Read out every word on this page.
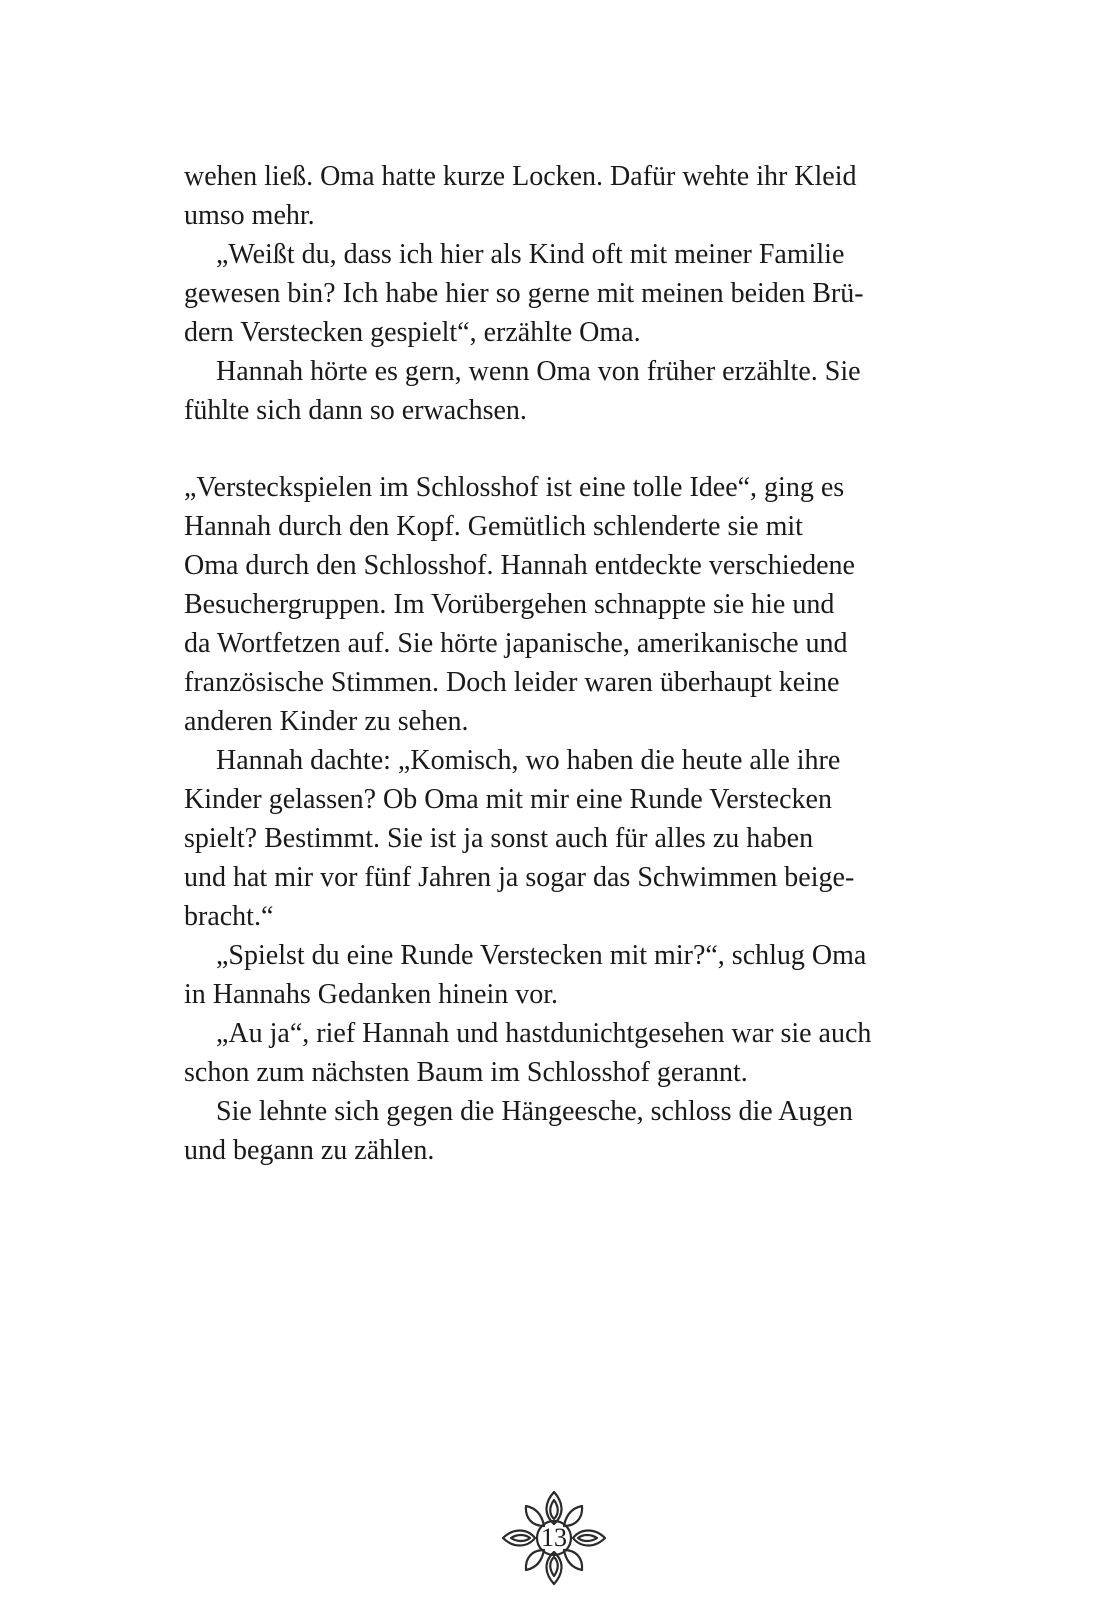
wehen ließ. Oma hatte kurze Locken. Dafür wehte ihr Kleid
umso mehr.
„Weißt du, dass ich hier als Kind oft mit meiner Familie
gewesen bin? Ich habe hier so gerne mit meinen beiden Brü-
dern Verstecken gespielt“, erzählte Oma.
Hannah hörte es gern, wenn Oma von früher erzählte. Sie
fühlte sich dann so erwachsen.
„Versteckspielen im Schlosshof ist eine tolle Idee“, ging es
Hannah durch den Kopf. Gemütlich schlenderte sie mit
Oma durch den Schlosshof. Hannah entdeckte verschiedene
Besuchergruppen. Im Vorübergehen schnappte sie hie und
da Wortfetzen auf. Sie hörte japanische, amerikanische und
französische Stimmen. Doch leider waren überhaupt keine
anderen Kinder zu sehen.
Hannah dachte: „Komisch, wo haben die heute alle ihre
Kinder gelassen? Ob Oma mit mir eine Runde Verstecken
spielt? Bestimmt. Sie ist ja sonst auch für alles zu haben
und hat mir vor fünf Jahren ja sogar das Schwimmen beige-
bracht.“
„Spielst du eine Runde Verstecken mit mir?“, schlug Oma
in Hannahs Gedanken hinein vor.
„Au ja“, rief Hannah und hastdunichtgesehen war sie auch
schon zum nächsten Baum im Schlosshof gerannt.
Sie lehnte sich gegen die Hängeesche, schloss die Augen
und begann zu zählen.
13
